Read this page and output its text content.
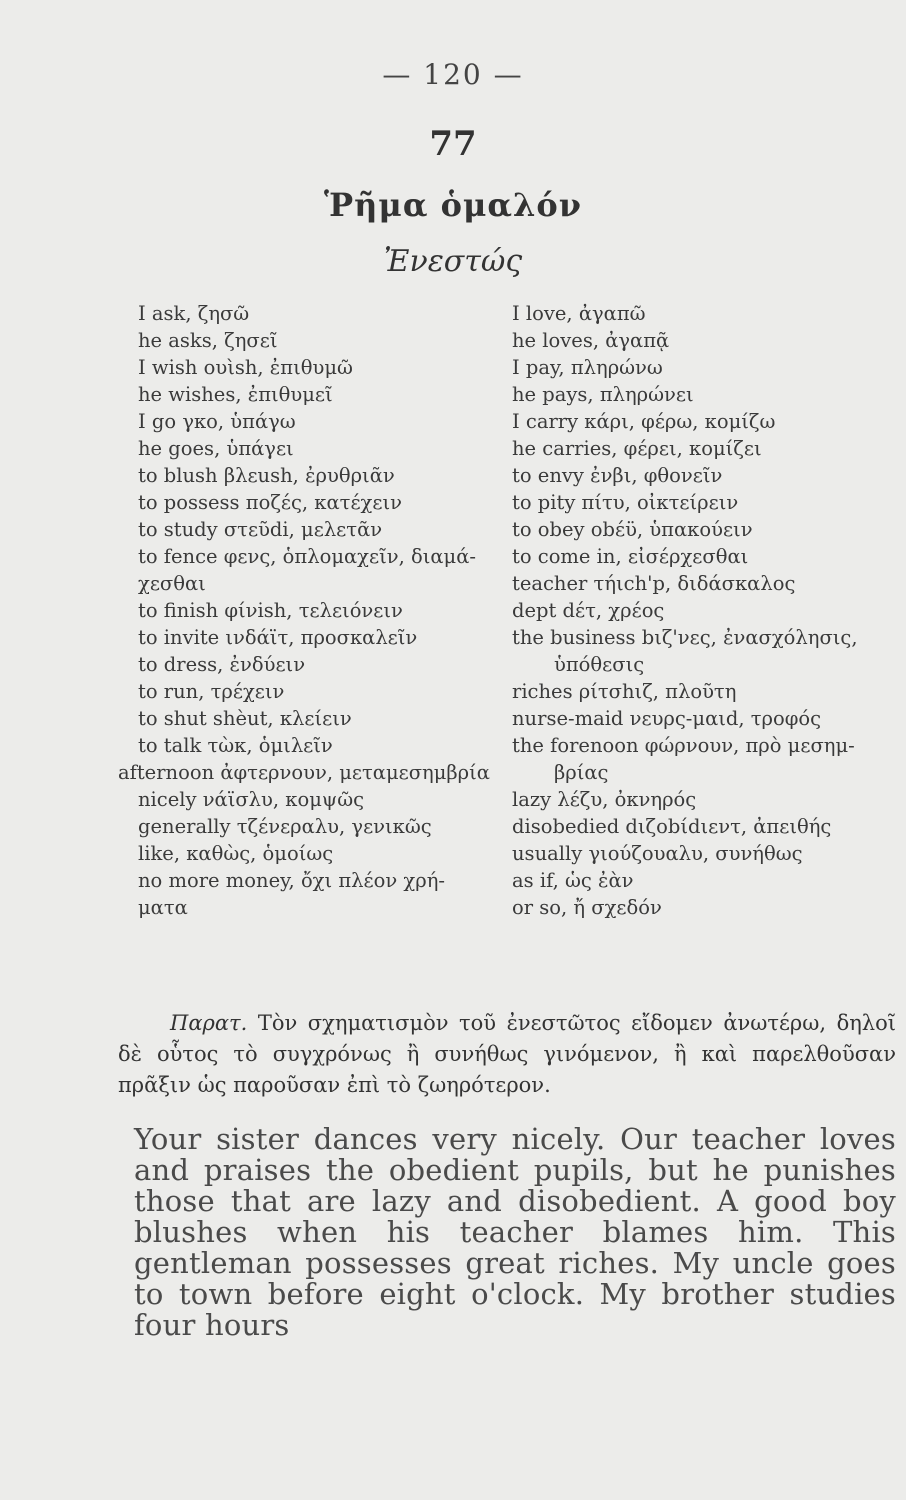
— 120 —
77
Ῥῆμα ὁμαλόν
Ἐνεστώς
I ask, ζησῶ
he asks, ζησεῖ
I wish ουὶsh, ἐπιθυμῶ
he wishes, ἐπιθυμεῖ
I go γκο, ὑπάγω
he goes, ὑπάγει
to blush βλεush, ἐρυθριᾶν
to possess ποζές, κατέχειν
to study στεῦdi, μελετᾶν
to fence φενς, ὁπλομαχεῖν, διαμά-
χεσθαι
to finish φίνish, τελειόνειν
to invite ινδάϊτ, προσκαλεῖν
to dress, ἐνδύειν
to run, τρέχειν
to shut shèut, κλείειν
to talk τὼκ, ὁμιλεῖν
afternoon ἀφτερνουν, μεταμεσημβρία
nicely νάϊσλυ, κομψῶς
generally τζένεραλυ, γενικῶς
like, καθὼς, ὁμοίως
no more money, ὄχι πλέον χρή-
ματα
I love, ἀγαπῶ
he loves, ἀγαπᾷ
I pay, πληρώνω
he pays, πληρώνει
I carry κάρι, φέρω, κομίζω
he carries, φέρει, κομίζει
to envy ἐνβι, φθονεῖν
to pity πίτυ, οἰκτείρειν
to obey οbέϋ, ὑπακούειν
to come in, εἰσέρχεσθαι
teacher τήιch'p, διδάσκαλος
dept dέτ, χρέος
the business bιζ'νες, ἐνασχόλησις,
ὑπόθεσις
riches ρίτσhιζ, πλοῦτη
nurse-maid νευρς-μαιd, τροφός
the forenoon φώρνουν, πρὸ μεσημ-
βρίας
lazy λέζυ, ὀκνηρός
disobedied dιζοbίdιεντ, ἀπειθής
usually γιούζουαλυ, συνήθως
as if, ὡς ἐὰν
or so, ἤ σχεδόν

Παρατ. Τὸν σχηματισμὸν τοῦ ἐνεστῶτος εἴδομεν ἀνωτέρω, δηλοῖ δὲ οὗτος τὸ συγχρόνως ἢ συνήθως γινόμενον, ἢ καὶ παρελθοῦσαν πρᾶξιν ὡς παροῦσαν ἐπὶ τὸ ζωηρότερον.

Your sister dances very nicely. Our teacher loves and praises the obedient pupils, but he punishes those that are lazy and disobedient. A good boy blushes when his teacher blames him. This gentleman possesses great riches. My uncle goes to town before eight o'clock. My brother studies four hours
